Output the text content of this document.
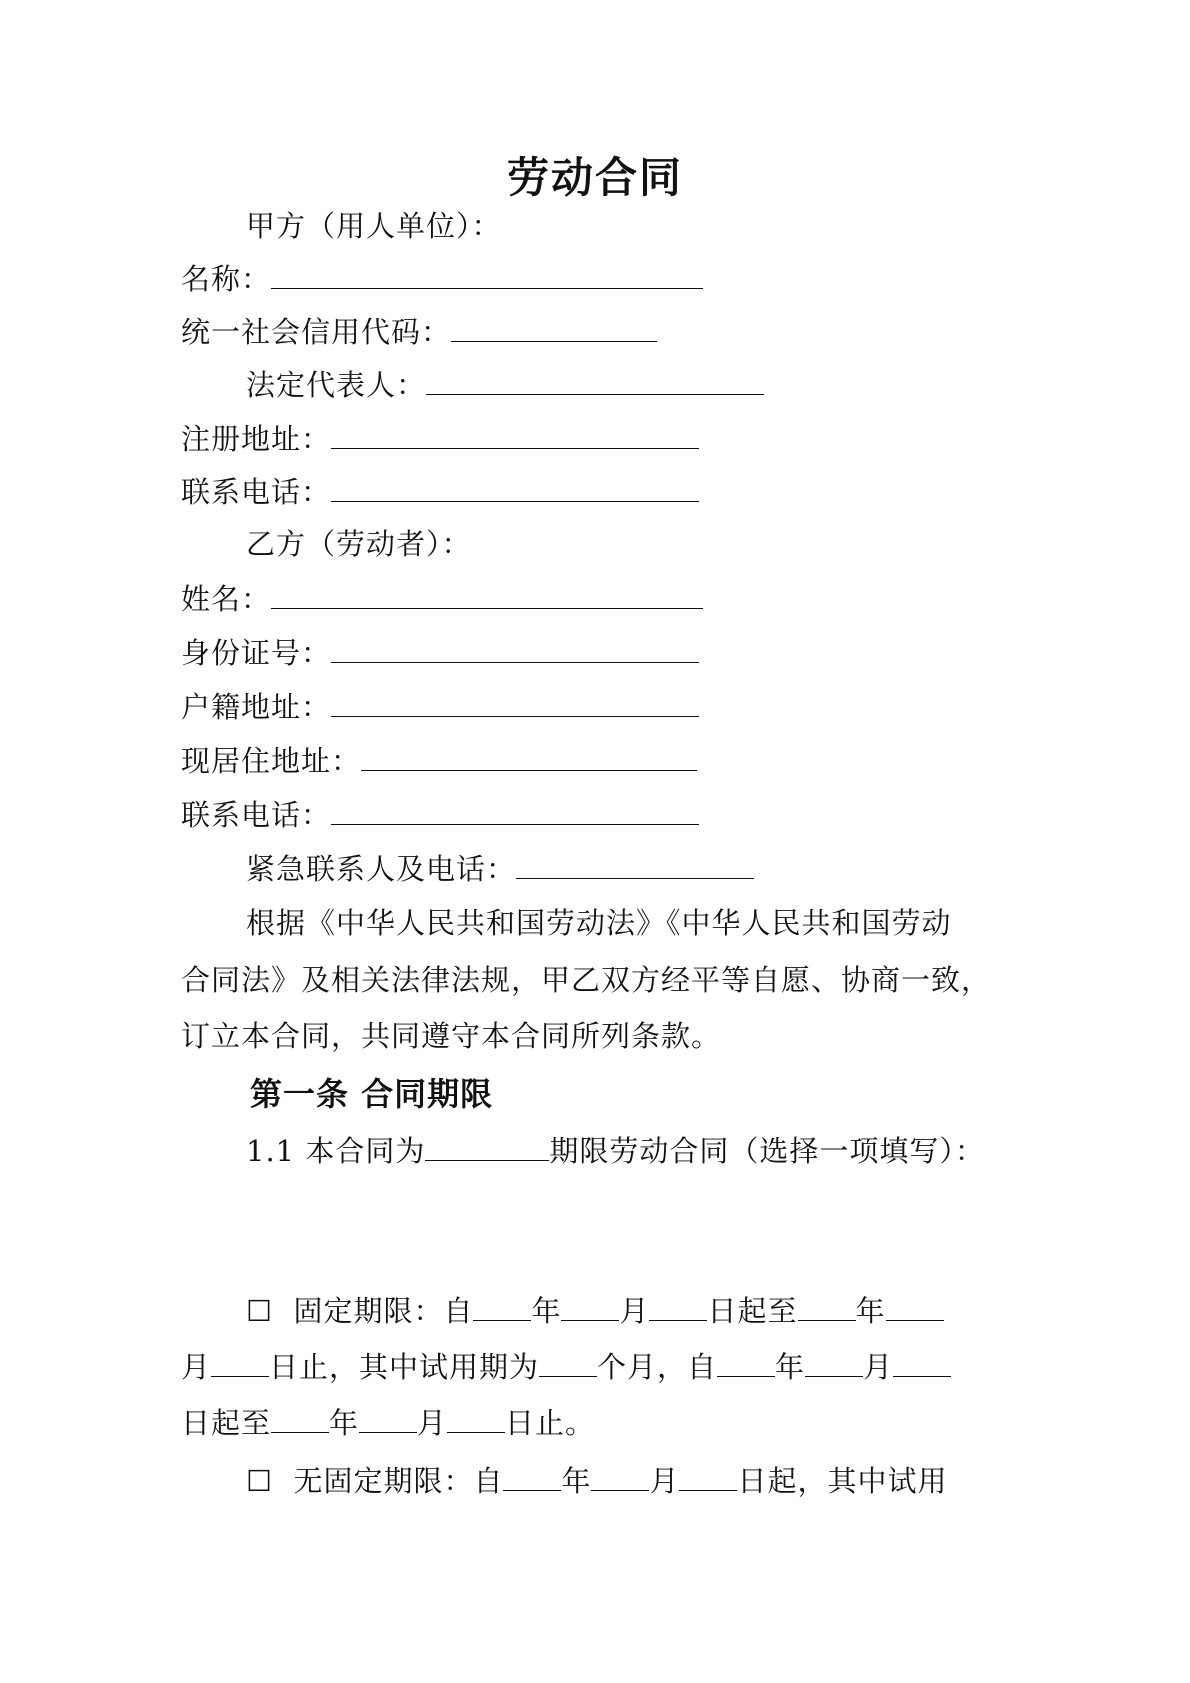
劳动合同
甲方（用人单位）：
名称：
统一社会信用代码：
法定代表人：
注册地址：
联系电话：
乙方（劳动者）：
姓名：
身份证号：
户籍地址：
现居住地址：
联系电话：
紧急联系人及电话：
根据《中华人民共和国劳动法》《中华人民共和国劳动
合同法》及相关法律法规，甲乙双方经平等自愿、协商一致，
订立本合同，共同遵守本合同所列条款。
第一条 合同期限
1.1 本合同为	期限劳动合同（选择一项填写）：
☐ 固定期限：自 年 月 日起至 年
月 日止，其中试用期为 个月，自 年 月
日起至 年 月 日止。
☐ 无固定期限：自 年 月 日起，其中试用
